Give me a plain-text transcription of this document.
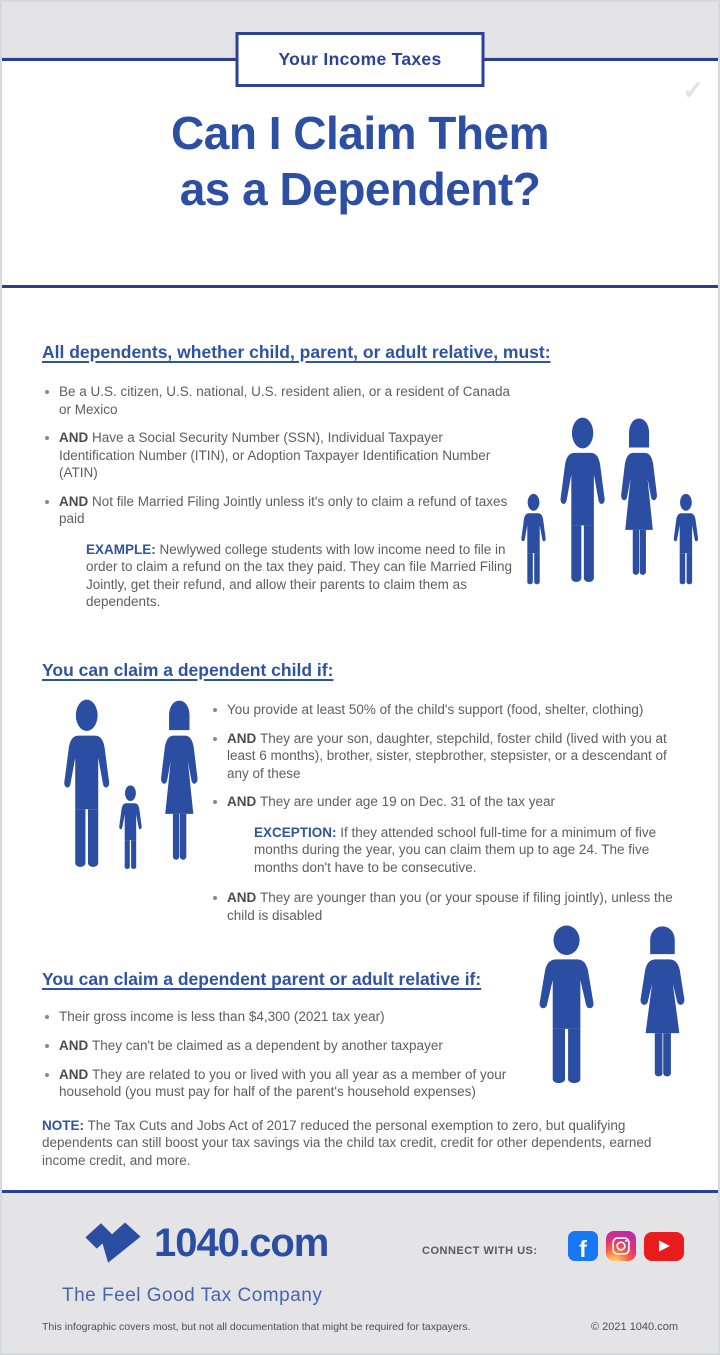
Your Income Taxes
✓
Can I Claim Them
as a Dependent?
All dependents, whether child, parent, or adult relative, must:
Be a U.S. citizen, U.S. national, U.S. resident alien, or a resident of Canada or Mexico
AND Have a Social Security Number (SSN), Individual Taxpayer Identification Number (ITIN), or Adoption Taxpayer Identification Number (ATIN)
AND Not file Married Filing Jointly unless it's only to claim a refund of taxes paid
EXAMPLE: Newlywed college students with low income need to file in order to claim a refund on the tax they paid. They can file Married Filing Jointly, get their refund, and allow their parents to claim them as dependents.
You can claim a dependent child if:
You provide at least 50% of the child's support (food, shelter, clothing)
AND They are your son, daughter, stepchild, foster child (lived with you at least 6 months), brother, sister, stepbrother, stepsister, or a descendant of any of these
AND They are under age 19 on Dec. 31 of the tax year
EXCEPTION: If they attended school full-time for a minimum of five months during the year, you can claim them up to age 24. The five months don't have to be consecutive.
AND They are younger than you (or your spouse if filing jointly), unless the child is disabled
You can claim a dependent parent or adult relative if:
Their gross income is less than $4,300 (2021 tax year)
AND They can't be claimed as a dependent by another taxpayer
AND They are related to you or lived with you all year as a member of your household (you must pay for half of the parent's household expenses)
NOTE: The Tax Cuts and Jobs Act of 2017 reduced the personal exemption to zero, but qualifying dependents can still boost your tax savings via the child tax credit, credit for other dependents, earned income credit, and more.
1040.com
The Feel Good Tax Company
CONNECT WITH US: f
This infographic covers most, but not all documentation that might be required for taxpayers.	© 2021 1040.com
